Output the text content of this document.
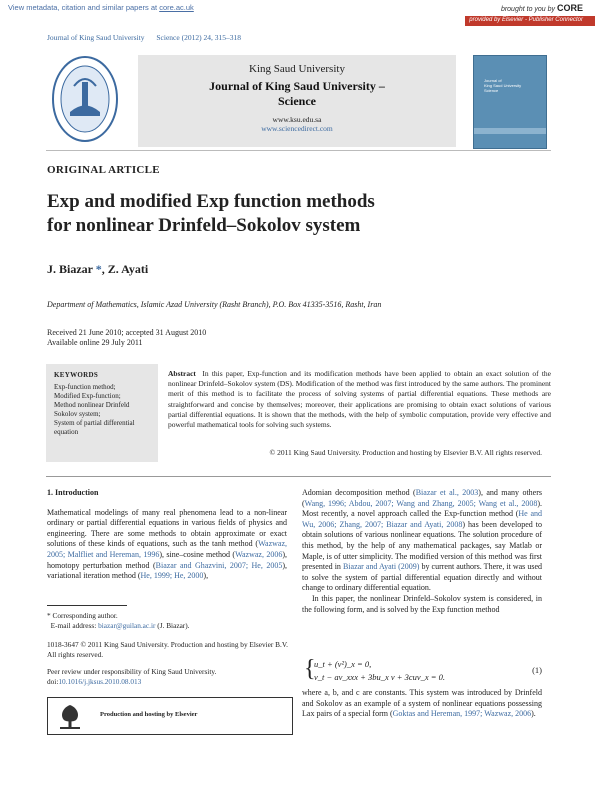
View metadata, citation and similar papers at core.ac.uk	brought to you by CORE
provided by Elsevier - Publisher Connector
Journal of King Saud University Science (2012) 24, 315–318
King Saud University
Journal of King Saud University –
Science
www.ksu.edu.sa
www.sciencedirect.com
Journal of
King Saud University
Science
ORIGINAL ARTICLE
Exp and modified Exp function methods
for nonlinear Drinfeld–Sokolov system
J. Biazar *, Z. Ayati
Department of Mathematics, Islamic Azad University (Rasht Branch), P.O. Box 41335-3516, Rasht, Iran
Received 21 June 2010; accepted 31 August 2010
Available online 29 July 2011
KEYWORDS
Exp-function method;
Modified Exp-function;
Method nonlinear Drinfeld
Sokolov system;
System of partial differential
equation
Abstract In this paper, Exp-function and its modification methods have been applied to obtain an exact solution of the nonlinear Drinfeld–Sokolov system (DS). Modification of the method was first introduced by the same authors. The prominent merit of this method is to facilitate the process of solving systems of partial differential equations. These methods are straightforward and concise by themselves; moreover, their applications are promising to obtain exact solutions of various partial differential equations. It is shown that the methods, with the help of symbolic computation, provide very effective and powerful mathematical tools for solving such systems.
© 2011 King Saud University. Production and hosting by Elsevier B.V. All rights reserved.
1. Introduction

Mathematical modelings of many real phenomena lead to a non-linear ordinary or partial differential equations in various fields of physics and engineering. There are some methods to obtain approximate or exact solutions of these kinds of equations, such as the tanh method (Wazwaz, 2005; Malfliet and Hereman, 1996), sine–cosine method (Wazwaz, 2006), homotopy perturbation method (Biazar and Ghazvini, 2007; He, 2005), variational iteration method (He, 1999; He, 2000),

* Corresponding author.
E-mail address: biazar@guilan.ac.ir (J. Biazar).
1018-3647 © 2011 King Saud University. Production and hosting by Elsevier B.V. All rights reserved.
Peer review under responsibility of King Saud University.
doi:10.1016/j.jksus.2010.08.013
Production and hosting by Elsevier

Adomian decomposition method (Biazar et al., 2003), and many others (Wang, 1996; Abdou, 2007; Wang and Zhang, 2005; Wang et al., 2008). Most recently, a novel approach called the Exp-function method (He and Wu, 2006; Zhang, 2007; Biazar and Ayati, 2008) has been developed to obtain solutions of various nonlinear equations. The solution procedure of this method, by the help of any mathematical packages, say Matlab or Maple, is of utter simplicity. The modified version of this method was first presented in Biazar and Ayati (2009) by current authors. There, it was used to solve the system of partial differential equation directly and without change to ordinary differential equation.

In this paper, the nonlinear Drinfeld–Sokolov system is considered, in the following form, and is solved by the Exp function method

{
u_t + (v²)_x = 0,
v_t − av_xxx + 3bu_x v + 3cuv_x = 0.
(1)

where a, b, and c are constants. This system was introduced by Drinfeld and Sokolov as an example of a system of nonlinear equations possessing Lax pairs of a special form (Goktas and Hereman, 1997; Wazwaz, 2006).
